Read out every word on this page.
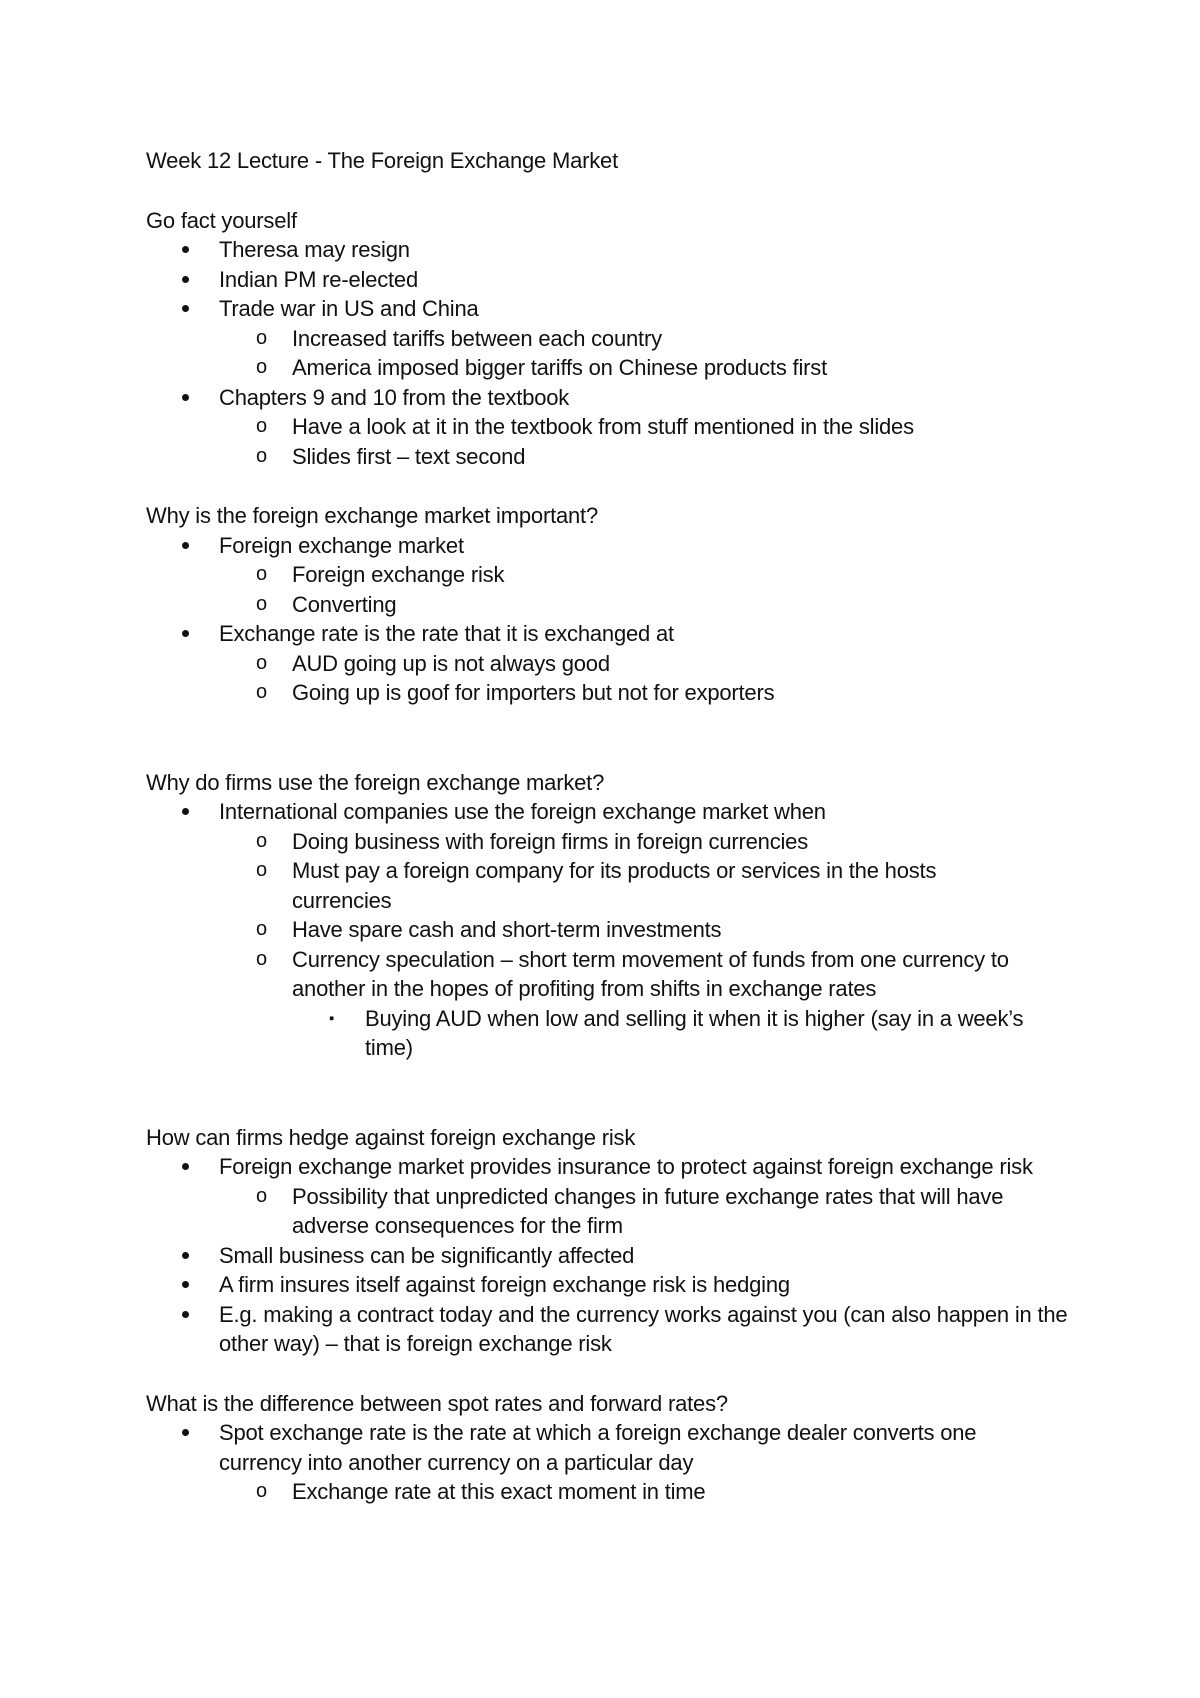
Week 12 Lecture - The Foreign Exchange Market

Go fact yourself

Theresa may resign
Indian PM re-elected
Trade war in US and China
o Increased tariffs between each country
o America imposed bigger tariffs on Chinese products first
Chapters 9 and 10 from the textbook
o Have a look at it in the textbook from stuff mentioned in the slides
o Slides first – text second

Why is the foreign exchange market important?

Foreign exchange market
o Foreign exchange risk
o Converting
Exchange rate is the rate that it is exchanged at
o AUD going up is not always good
o Going up is goof for importers but not for exporters

Why do firms use the foreign exchange market?

International companies use the foreign exchange market when
o Doing business with foreign firms in foreign currencies
o Must pay a foreign company for its products or services in the hosts currencies
o Have spare cash and short-term investments
o Currency speculation – short term movement of funds from one currency to another in the hopes of profiting from shifts in exchange rates
▪ Buying AUD when low and selling it when it is higher (say in a week’s time)

How can firms hedge against foreign exchange risk

Foreign exchange market provides insurance to protect against foreign exchange risk
o Possibility that unpredicted changes in future exchange rates that will have adverse consequences for the firm
Small business can be significantly affected
A firm insures itself against foreign exchange risk is hedging
E.g. making a contract today and the currency works against you (can also happen in the other way) – that is foreign exchange risk

What is the difference between spot rates and forward rates?

Spot exchange rate is the rate at which a foreign exchange dealer converts one currency into another currency on a particular day
o Exchange rate at this exact moment in time
